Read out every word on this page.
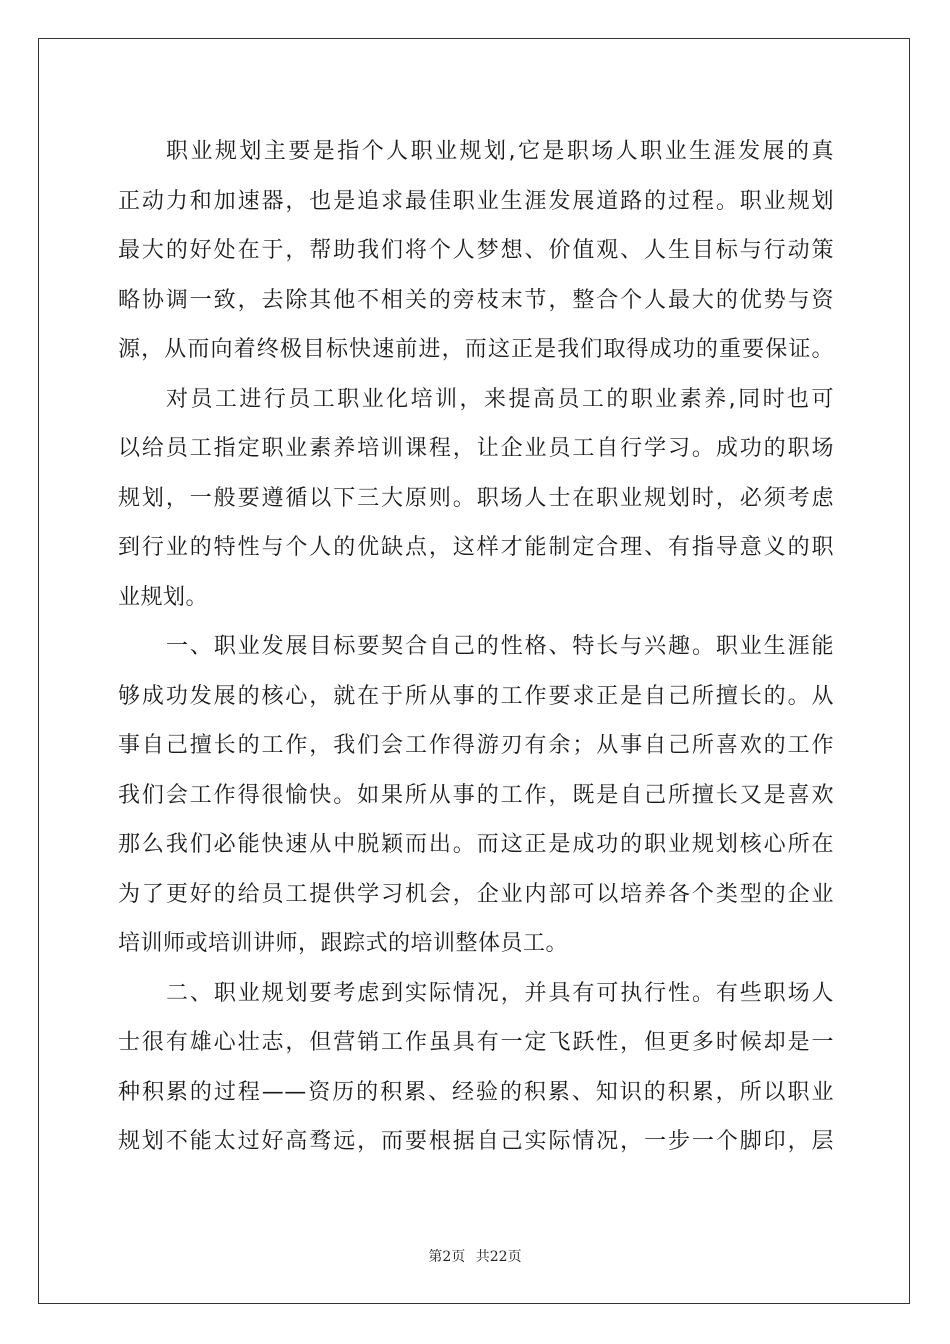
职业规划主要是指个人职业规划,它是职场人职业生涯发展的真
正动力和加速器，也是追求最佳职业生涯发展道路的过程。职业规划
最大的好处在于，帮助我们将个人梦想、价值观、人生目标与行动策
略协调一致，去除其他不相关的旁枝末节，整合个人最大的优势与资
源，从而向着终极目标快速前进，而这正是我们取得成功的重要保证。
对员工进行员工职业化培训，来提高员工的职业素养,同时也可
以给员工指定职业素养培训课程，让企业员工自行学习。成功的职场
规划，一般要遵循以下三大原则。职场人士在职业规划时，必须考虑
到行业的特性与个人的优缺点，这样才能制定合理、有指导意义的职
业规划。
一、职业发展目标要契合自己的性格、特长与兴趣。职业生涯能
够成功发展的核心，就在于所从事的工作要求正是自己所擅长的。从
事自己擅长的工作，我们会工作得游刃有余；从事自己所喜欢的工作
我们会工作得很愉快。如果所从事的工作，既是自己所擅长又是喜欢
那么我们必能快速从中脱颖而出。而这正是成功的职业规划核心所在
为了更好的给员工提供学习机会，企业内部可以培养各个类型的企业
培训师或培训讲师，跟踪式的培训整体员工。
二、职业规划要考虑到实际情况，并具有可执行性。有些职场人
士很有雄心壮志，但营销工作虽具有一定飞跃性，但更多时候却是一
种积累的过程——资历的积累、经验的积累、知识的积累，所以职业
规划不能太过好高骛远，而要根据自己实际情况，一步一个脚印，层
第2页 共22页
